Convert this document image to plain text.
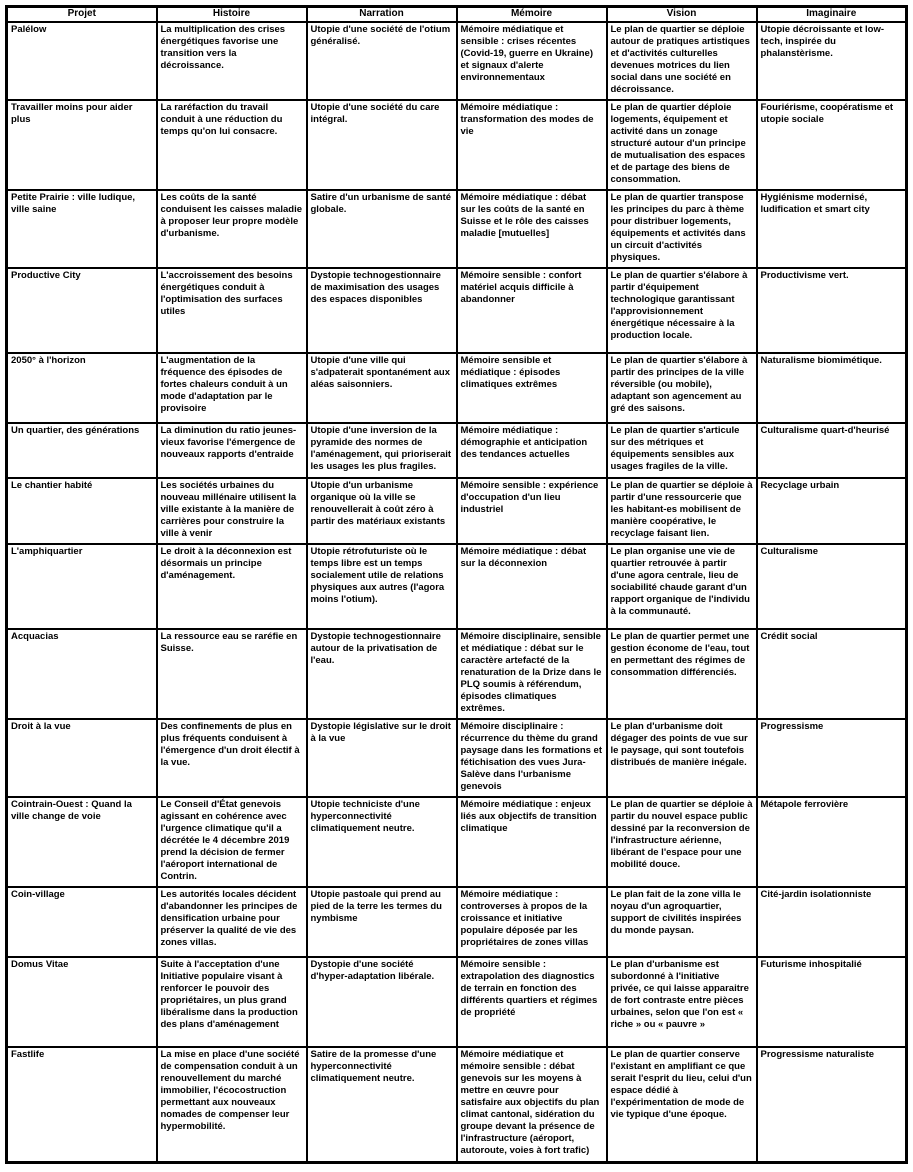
Projet	Histoire	Narration	Mémoire	Vision	Imaginaire
Palélow	La multiplication des crises énergétiques favorise une transition vers la décroissance.	Utopie d'une société de l'otium généralisé.	Mémoire médiatique et sensible : crises récentes (Covid-19, guerre en Ukraine) et signaux d'alerte environnementaux	Le plan de quartier se déploie autour de pratiques artistiques et d'activités culturelles devenues motrices du lien social dans une société en décroissance.	Utopie décroissante et low-tech, inspirée du phalanstèrisme.
Travailler moins pour aider plus	La raréfaction du travail conduit à une réduction du temps qu'on lui consacre.	Utopie d'une société du care intégral.	Mémoire médiatique : transformation des modes de vie	Le plan de quartier déploie logements, équipement et activité dans un zonage structuré autour d'un principe de mutualisation des espaces et de partage des biens de consommation.	Fouriérisme, coopératisme et utopie sociale
Petite Prairie : ville ludique, ville saine	Les coûts de la santé conduisent les caisses maladie à proposer leur propre modèle d'urbanisme.	Satire d'un urbanisme de santé globale.	Mémoire médiatique : débat sur les coûts de la santé en Suisse et le rôle des caisses maladie [mutuelles]	Le plan de quartier transpose les principes du parc à thème pour distribuer logements, équipements et activités dans un circuit d'activités physiques.	Hygiénisme modernisé, ludification et smart city
Productive City	L'accroissement des besoins énergétiques conduit à l'optimisation des surfaces utiles	Dystopie technogestionnaire de maximisation des usages des espaces disponibles	Mémoire sensible : confort matériel acquis difficile à abandonner	Le plan de quartier s'élabore à partir d'équipement technologique garantissant l'approvisionnement énergétique nécessaire à la production locale.	Productivisme vert.
2050° à l'horizon	L'augmentation de la fréquence des épisodes de fortes chaleurs conduit à un mode d'adaptation par le provisoire	Utopie d'une ville qui s'adpaterait spontanément aux aléas saisonniers.	Mémoire sensible et médiatique : épisodes climatiques extrêmes	Le plan de quartier s'élabore à partir des principes de la ville réversible (ou mobile), adaptant son agencement au gré des saisons.	Naturalisme biomimétique.
Un quartier, des générations	La diminution du ratio jeunes-vieux favorise l'émergence de nouveaux rapports d'entraide	Utopie d'une inversion de la pyramide des normes de l'aménagement, qui prioriserait les usages les plus fragiles.	Mémoire médiatique : démographie et anticipation des tendances actuelles	Le plan de quartier s'articule sur des métriques et équipements sensibles aux usages fragiles de la ville.	Culturalisme quart-d'heurisé
Le chantier habité	Les sociétés urbaines du nouveau millénaire utilisent la ville existante à la manière de carrières pour construire la ville à venir	Utopie d'un urbanisme organique où la ville se renouvellerait à coût zéro à partir des matériaux existants	Mémoire sensible : expérience d'occupation d'un lieu industriel	Le plan de quartier se déploie à partir d'une ressourcerie que les habitant-es mobilisent de manière coopérative, le recyclage faisant lien.	Recyclage urbain
L'amphiquartier	Le droit à la déconnexion est désormais un principe d'aménagement.	Utopie rétrofuturiste où le temps libre est un temps socialement utile de relations physiques aux autres (l'agora moins l'otium).	Mémoire médiatique : débat sur la déconnexion	Le plan organise une vie de quartier retrouvée à partir d'une agora centrale, lieu de sociabilité chaude garant d'un rapport organique de l'individu à la communauté.	Culturalisme
Acquacias	La ressource eau se raréfie en Suisse.	Dystopie technogestionnaire autour de la privatisation de l'eau.	Mémoire disciplinaire, sensible et médiatique : débat sur le caractère artefacté de la renaturation de la Drize dans le PLQ soumis à référendum, épisodes climatiques extrêmes.	Le plan de quartier permet une gestion économe de l'eau, tout en permettant des régimes de consommation différenciés.	Crédit social
Droit à la vue	Des confinements de plus en plus fréquents conduisent à l'émergence d'un droit électif à la vue.	Dystopie législative sur le droit à la vue	Mémoire disciplinaire : récurrence du thème du grand paysage dans les formations et fétichisation des vues Jura-Salève dans l'urbanisme genevois	Le plan d'urbanisme doit dégager des points de vue sur le paysage, qui sont toutefois distribués de manière inégale.	Progressisme
Cointrain-Ouest : Quand la ville change de voie	Le Conseil d'État genevois agissant en cohérence avec l'urgence climatique qu'il a décrétée le 4 décembre 2019 prend la décision de fermer l'aéroport international de Contrin.	Utopie techniciste d'une hyperconnectivité climatiquement neutre.	Mémoire médiatique : enjeux liés aux objectifs de transition climatique	Le plan de quartier se déploie à partir du nouvel espace public dessiné par la reconversion de l'infrastructure aérienne, libérant de l'espace pour une mobilité douce.	Métapole ferrovière
Coin-village	Les autorités locales décident d'abandonner les principes de densification urbaine pour préserver la qualité de vie des zones villas.	Utopie pastoale qui prend au pied de la terre les termes du nymbisme	Mémoire médiatique : controverses à propos de la croissance et initiative populaire déposée par les propriétaires de zones villas	Le plan fait de la zone villa le noyau d'un agroquartier, support de civilités inspirées du monde paysan.	Cité-jardin isolationniste
Domus Vitae	Suite à l'acceptation d'une Initiative populaire visant à renforcer le pouvoir des propriétaires, un plus grand libéralisme dans la production des plans d'aménagement	Dystopie d'une société d'hyper-adaptation libérale.	Mémoire sensible : extrapolation des diagnostics de terrain en fonction des différents quartiers et régimes de propriété	Le plan d'urbanisme est subordonné à l'initiative privée, ce qui laisse apparaitre de fort contraste entre pièces urbaines, selon que l'on est « riche » ou « pauvre »	Futurisme inhospitalié
Fastlife	La mise en place d'une société de compensation conduit à un renouvellement du marché immobilier, l'écocostruction permettant aux nouveaux nomades de compenser leur hypermobilité.	Satire de la promesse d'une hyperconnectivité climatiquement neutre.	Mémoire médiatique et mémoire sensible : débat genevois sur les moyens à mettre en œuvre pour satisfaire aux objectifs du plan climat cantonal, sidération du groupe devant la présence de l'infrastructure (aéroport, autoroute, voies à fort trafic)	Le plan de quartier conserve l'existant en amplifiant ce que serait l'esprit du lieu, celui d'un espace dédié à l'expérimentation de mode de vie typique d'une époque.	Progressisme naturaliste
